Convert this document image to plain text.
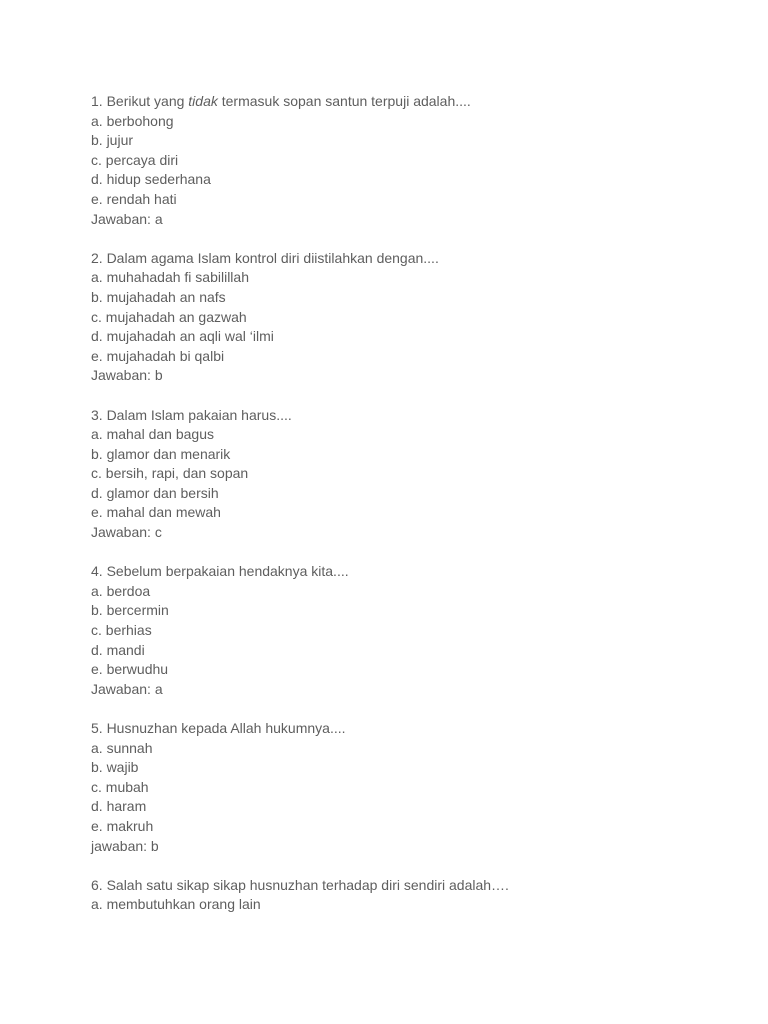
1. Berikut yang tidak termasuk sopan santun terpuji adalah....

a. berbohong

b. jujur

c. percaya diri

d. hidup sederhana

e. rendah hati

Jawaban: a

2. Dalam agama Islam kontrol diri diistilahkan dengan....

a. muhahadah fi sabilillah

b. mujahadah an nafs

c. mujahadah an gazwah

d. mujahadah an aqli wal ‘ilmi

e. mujahadah bi qalbi

Jawaban: b

3. Dalam Islam pakaian harus....

a. mahal dan bagus

b. glamor dan menarik

c. bersih, rapi, dan sopan

d. glamor dan bersih

e. mahal dan mewah

Jawaban: c

4. Sebelum berpakaian hendaknya kita....

a. berdoa

b. bercermin

c. berhias

d. mandi

e. berwudhu

Jawaban: a

5. Husnuzhan kepada Allah hukumnya....

a. sunnah

b. wajib

c. mubah

d. haram

e. makruh

jawaban: b

6. Salah satu sikap sikap husnuzhan terhadap diri sendiri adalah….

a. membutuhkan orang lain
